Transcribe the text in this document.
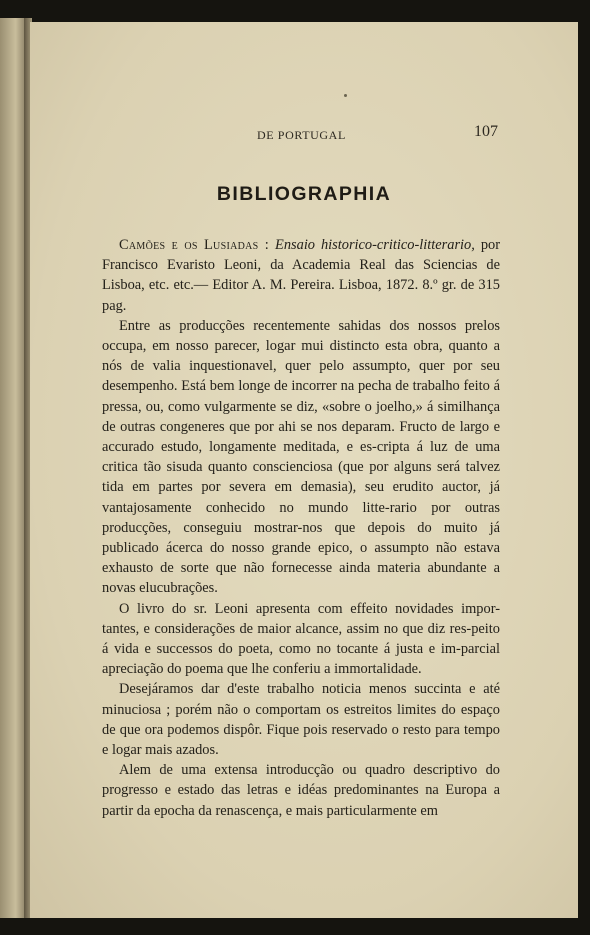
DE PORTUGAL	107
BIBLIOGRAPHIA

Camões e os Lusiadas : Ensaio historico-critico-litterario, por Francisco Evaristo Leoni, da Academia Real das Sciencias de Lisboa, etc. etc.— Editor A. M. Pereira. Lisboa, 1872. 8.º gr. de 315 pag.

Entre as producções recentemente sahidas dos nossos prelos occupa, em nosso parecer, logar mui distincto esta obra, quanto a nós de valia inquestionavel, quer pelo assumpto, quer por seu desempenho. Está bem longe de incorrer na pecha de trabalho feito á pressa, ou, como vulgarmente se diz, «sobre o joelho,» á similhança de outras congeneres que por ahi se nos deparam. Fructo de largo e accurado estudo, longamente meditada, e es-cripta á luz de uma critica tão sisuda quanto conscienciosa (que por alguns será talvez tida em partes por severa em demasia), seu erudito auctor, já vantajosamente conhecido no mundo litte-rario por outras producções, conseguiu mostrar-nos que depois do muito já publicado ácerca do nosso grande epico, o assumpto não estava exhausto de sorte que não fornecesse ainda materia abundante a novas elucubrações.

O livro do sr. Leoni apresenta com effeito novidades impor-tantes, e considerações de maior alcance, assim no que diz res-peito á vida e successos do poeta, como no tocante á justa e im-parcial apreciação do poema que lhe conferiu a immortalidade.

Desejáramos dar d'este trabalho noticia menos succinta e até minuciosa ; porém não o comportam os estreitos limites do espaço de que ora podemos dispôr. Fique pois reservado o resto para tempo e logar mais azados.

Alem de uma extensa introducção ou quadro descriptivo do progresso e estado das letras e idéas predominantes na Europa a partir da epocha da renascença, e mais particularmente em
